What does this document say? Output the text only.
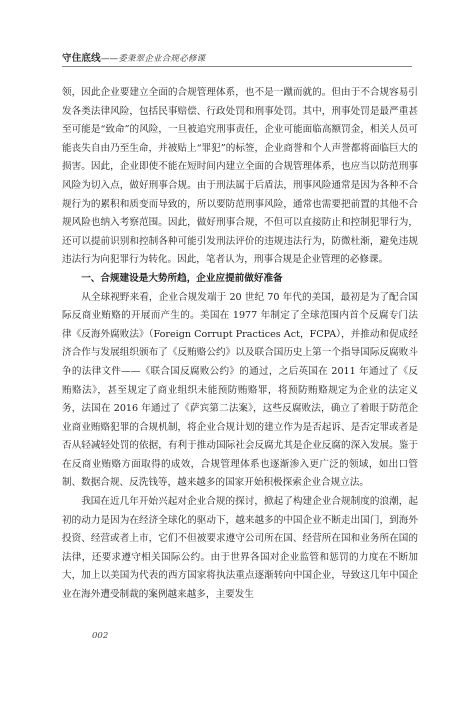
守住底线——委秉翠企业合规必修课

领，因此企业要建立全面的合规管理体系，也不是一蹴而就的。但由于不合规容易引发各类法律风险，包括民事赔偿、行政处罚和刑事处罚。其中，刑事处罚是最严重甚至可能是“致命”的风险，一旦被追究刑事责任，企业可能面临高额罚金，相关人员可能丧失自由乃至生命，并被贴上“罪犯”的标签，企业商誉和个人声誉都将面临巨大的损害。因此，企业即使不能在短时间内建立全面的合规管理体系，也应当以防范刑事风险为切入点，做好刑事合规。由于刑法属于后盾法，刑事风险通常是因为各种不合规行为的累积和质变而导致的，所以要防范刑事风险，通常也需要把前置的其他不合规风险也纳入考察范围。因此，做好刑事合规，不但可以直接防止和控制犯罪行为，还可以提前识别和控制各种可能引发刑法评价的违规违法行为，防微杜渐，避免违规违法行为向犯罪行为转化。因此，笔者认为，刑事合规是企业管理的必修课。

一、合规建设是大势所趋，企业应提前做好准备

从全球视野来看，企业合规发端于 20 世纪 70 年代的美国，最初是为了配合国际反商业贿赂的开展而产生的。美国在 1977 年制定了全球范围内首个反腐专门法律《反海外腐败法》（Foreign Corrupt Practices Act，FCPA），并推动和促成经济合作与发展组织颁布了《反贿赂公约》以及联合国历史上第一个指导国际反腐败斗争的法律文件——《联合国反腐败公约》的通过，之后英国在 2011 年通过了《反贿赂法》，甚至规定了商业组织未能预防贿赂罪，将预防贿赂规定为企业的法定义务，法国在 2016 年通过了《萨宾第二法案》，这些反腐败法，确立了着眼于防范企业商业贿赂犯罪的合规机制，将企业合规计划的建立作为是否起诉、是否定罪或者是否从轻减轻处罚的依据，有利于推动国际社会反腐尤其是企业反腐的深入发展。鉴于在反商业贿赂方面取得的成效，合规管理体系也逐渐渗入更广泛的领域，如出口管制、数据合规、反洗钱等，越来越多的国家开始积极探索企业合规立法。

我国在近几年开始兴起对企业合规的探讨，掀起了构建企业合规制度的浪潮，起初的动力是因为在经济全球化的驱动下，越来越多的中国企业不断走出国门，到海外投资、经营或者上市，它们不但被要求遵守公司所在国、经营所在国和业务所在国的法律，还要求遵守相关国际公约。由于世界各国对企业监管和惩罚的力度在不断加大，加上以美国为代表的西方国家将执法重点逐渐转向中国企业，导致这几年中国企业在海外遭受制裁的案例越来越多，主要发生

002
